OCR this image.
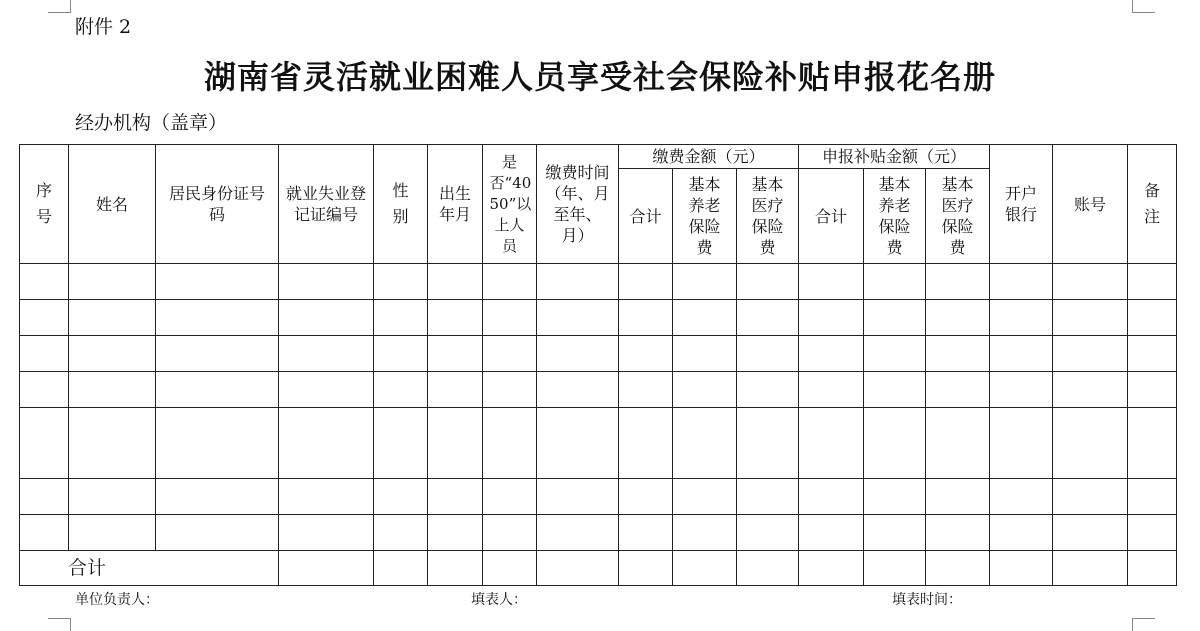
附件 2
湖南省灵活就业困难人员享受社会保险补贴申报花名册
经办机构（盖章）
序号	姓名	居民身份证号码	就业失业登记证编号	性别	出生年月	是否“40 50”以上人员	缴费时间（年、月至年、月）	缴费金额（元）			申报补贴金额（元）			开户银行	账号	备注
								合计	基本养老保险费	基本医疗保险费	合计	基本养老保险费	基本医疗保险费			

合计																
单位负责人：	填表人：	填表时间：
